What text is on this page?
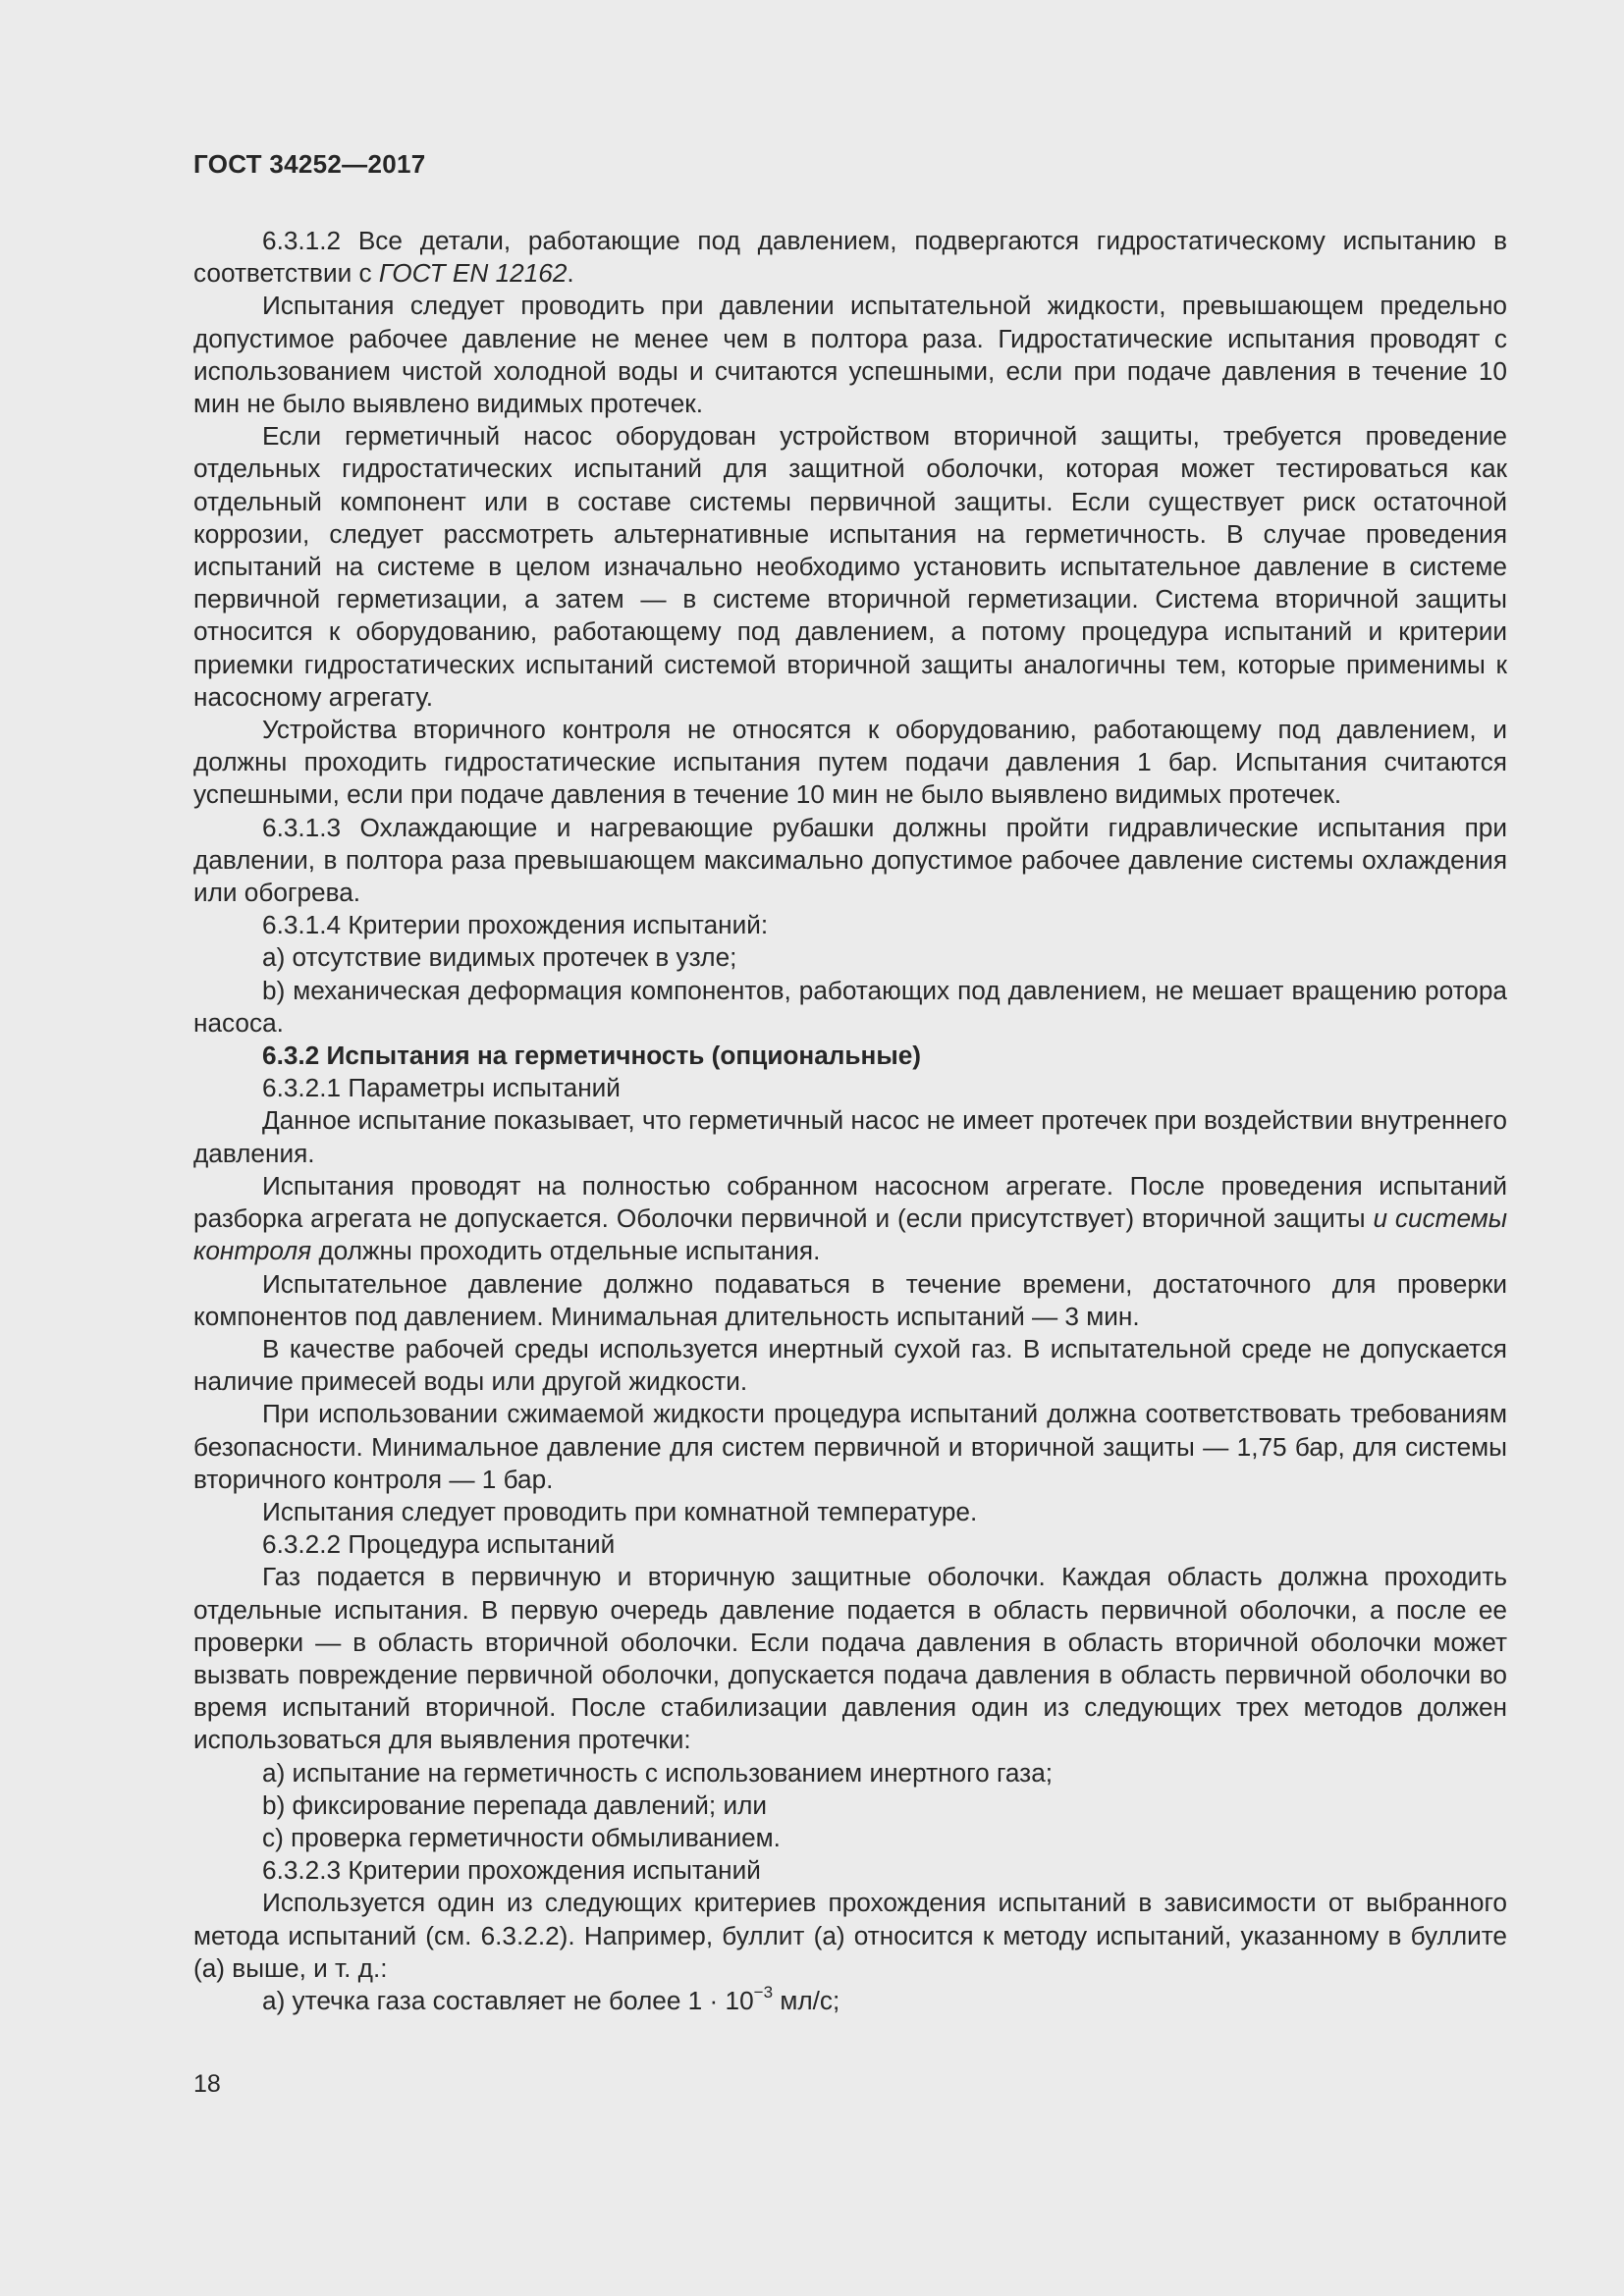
ГОСТ 34252—2017

6.3.1.2 Все детали, работающие под давлением, подвергаются гидростатическому испытанию в соответствии с ГОСТ EN 12162.

Испытания следует проводить при давлении испытательной жидкости, превышающем предельно допустимое рабочее давление не менее чем в полтора раза. Гидростатические испытания проводят с использованием чистой холодной воды и считаются успешными, если при подаче давления в течение 10 мин не было выявлено видимых протечек.

Если герметичный насос оборудован устройством вторичной защиты, требуется проведение отдельных гидростатических испытаний для защитной оболочки, которая может тестироваться как отдельный компонент или в составе системы первичной защиты. Если существует риск остаточной коррозии, следует рассмотреть альтернативные испытания на герметичность. В случае проведения испытаний на системе в целом изначально необходимо установить испытательное давление в системе первичной герметизации, а затем — в системе вторичной герметизации. Система вторичной защиты относится к оборудованию, работающему под давлением, а потому процедура испытаний и критерии приемки гидростатических испытаний системой вторичной защиты аналогичны тем, которые применимы к насосному агрегату.

Устройства вторичного контроля не относятся к оборудованию, работающему под давлением, и должны проходить гидростатические испытания путем подачи давления 1 бар. Испытания считаются успешными, если при подаче давления в течение 10 мин не было выявлено видимых протечек.

6.3.1.3 Охлаждающие и нагревающие рубашки должны пройти гидравлические испытания при давлении, в полтора раза превышающем максимально допустимое рабочее давление системы охлаждения или обогрева.

6.3.1.4 Критерии прохождения испытаний:

a) отсутствие видимых протечек в узле;

b) механическая деформация компонентов, работающих под давлением, не мешает вращению ротора насоса.

6.3.2 Испытания на герметичность (опциональные)

6.3.2.1 Параметры испытаний

Данное испытание показывает, что герметичный насос не имеет протечек при воздействии внутреннего давления.

Испытания проводят на полностью собранном насосном агрегате. После проведения испытаний разборка агрегата не допускается. Оболочки первичной и (если присутствует) вторичной защиты и системы контроля должны проходить отдельные испытания.

Испытательное давление должно подаваться в течение времени, достаточного для проверки компонентов под давлением. Минимальная длительность испытаний — 3 мин.

В качестве рабочей среды используется инертный сухой газ. В испытательной среде не допускается наличие примесей воды или другой жидкости.

При использовании сжимаемой жидкости процедура испытаний должна соответствовать требованиям безопасности. Минимальное давление для систем первичной и вторичной защиты — 1,75 бар, для системы вторичного контроля — 1 бар.

Испытания следует проводить при комнатной температуре.

6.3.2.2 Процедура испытаний

Газ подается в первичную и вторичную защитные оболочки. Каждая область должна проходить отдельные испытания. В первую очередь давление подается в область первичной оболочки, а после ее проверки — в область вторичной оболочки. Если подача давления в область вторичной оболочки может вызвать повреждение первичной оболочки, допускается подача давления в область первичной оболочки во время испытаний вторичной. После стабилизации давления один из следующих трех методов должен использоваться для выявления протечки:

a) испытание на герметичность с использованием инертного газа;

b) фиксирование перепада давлений; или

c) проверка герметичности обмыливанием.

6.3.2.3 Критерии прохождения испытаний

Используется один из следующих критериев прохождения испытаний в зависимости от выбранного метода испытаний (см. 6.3.2.2). Например, буллит (a) относится к методу испытаний, указанному в буллите (a) выше, и т. д.:

a) утечка газа составляет не более $1 \cdot 10^{-3}$ мл/с;

18
